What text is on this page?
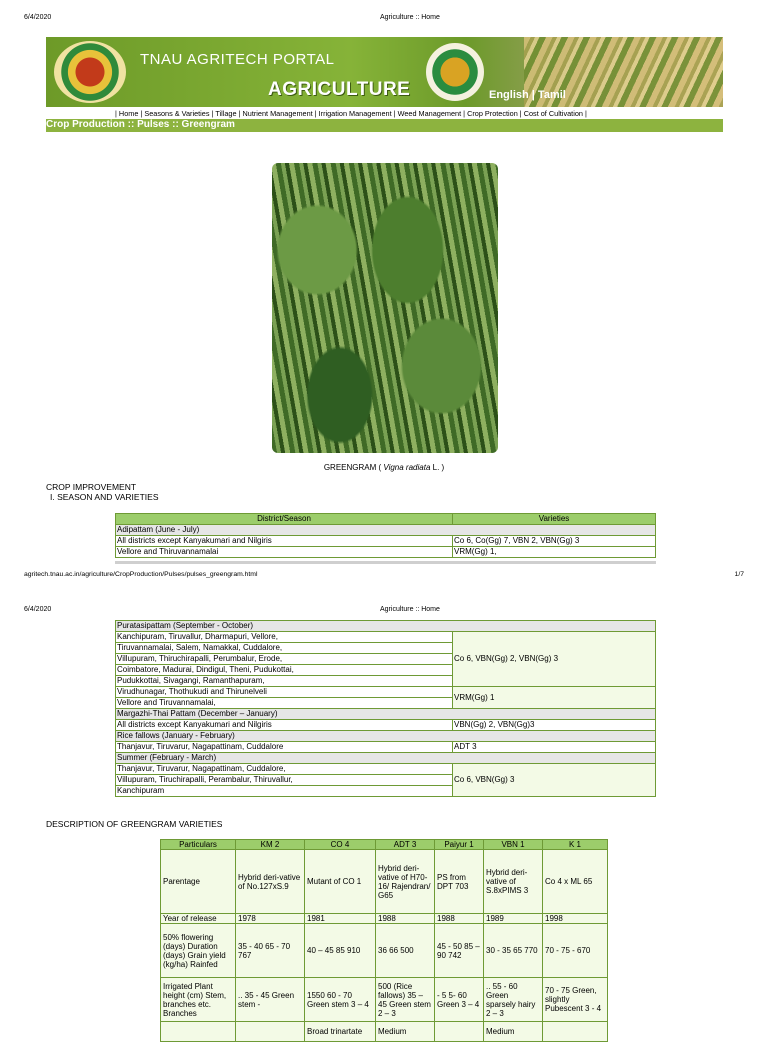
6/4/2020	Agriculture :: Home
TNAU AGRITECH PORTAL
AGRICULTURE	English | Tamil
| Home | Seasons & Varieties | Tillage | Nutrient Management | Irrigation Management | Weed Management | Crop Protection | Cost of Cultivation |
Crop Production :: Pulses :: Greengram
GREENGRAM ( Vigna radiata L. )
CROP IMPROVEMENT
I. SEASON AND VARIETIES
District/Season	Varieties
Adipattam (June - July)	
All districts except Kanyakumari and Nilgiris	Co 6, Co(Gg) 7, VBN 2, VBN(Gg) 3
Vellore and Thiruvannamalai	VRM(Gg) 1,
agritech.tnau.ac.in/agriculture/CropProduction/Pulses/pulses_greengram.html	1/7
6/4/2020	Agriculture :: Home
Puratasipattam (September - October)	
Kanchipuram, Tiruvallur, Dharmapuri, Vellore,	Co 6, VBN(Gg) 2, VBN(Gg) 3
Tiruvannamalai, Salem, Namakkal, Cuddalore,	
Villupuram, Thiruchirapalli, Perumbalur, Erode,	
Coimbatore, Madurai, Dindigul, Theni, Pudukottai,	
Pudukkottai, Sivagangi, Ramanthapuram,	
Virudhunagar, Thothukudi and Thirunelveli	VRM(Gg) 1
Vellore and Tiruvannamalai,	
Margazhi-Thai Pattam (December – January)	
All districts except Kanyakumari and Nilgiris	VBN(Gg) 2, VBN(Gg)3
Rice fallows (January - February)	
Thanjavur, Tiruvarur, Nagapattinam, Cuddalore	ADT 3
Summer (February - March)	
Thanjavur, Tiruvarur, Nagapattinam, Cuddalore,	Co 6, VBN(Gg) 3
Villupuram, Tiruchirapalli, Perambalur, Thiruvallur,	
Kanchipuram	
DESCRIPTION OF GREENGRAM VARIETIES
Particulars	KM 2	CO 4	ADT 3	Paiyur 1	VBN 1	K 1
Parentage	Hybrid deri-vative of No.127xS.9	Mutant of CO 1	Hybrid deri-vative of H70-16/ Rajendran/ G65	PS from DPT 703	Hybrid deri-vative of S.8xPIMS 3	Co 4 x ML 65
Year of release	1978	1981	1988	1988	1989	1998
50% flowering (days) Duration (days) Grain yield (kg/ha) Rainfed	35 - 40 65 - 70 767	40 – 45 85 910	36 66 500	45 - 50 85 – 90 742	30 - 35 65 770	70 - 75 - 670
Irrigated Plant height (cm) Stem, branches etc. Branches	.. 35 - 45 Green stem -	1550 60 - 70 Green stem 3 – 4	500 (Rice fallows) 35 – 45 Green stem 2 – 3	- 5 5- 60 Green 3 – 4	.. 55 - 60 Green sparsely hairy 2 – 3	70 - 75 Green, slightly Pubescent 3 - 4
		Broad trinartate	Medium		Medium	
